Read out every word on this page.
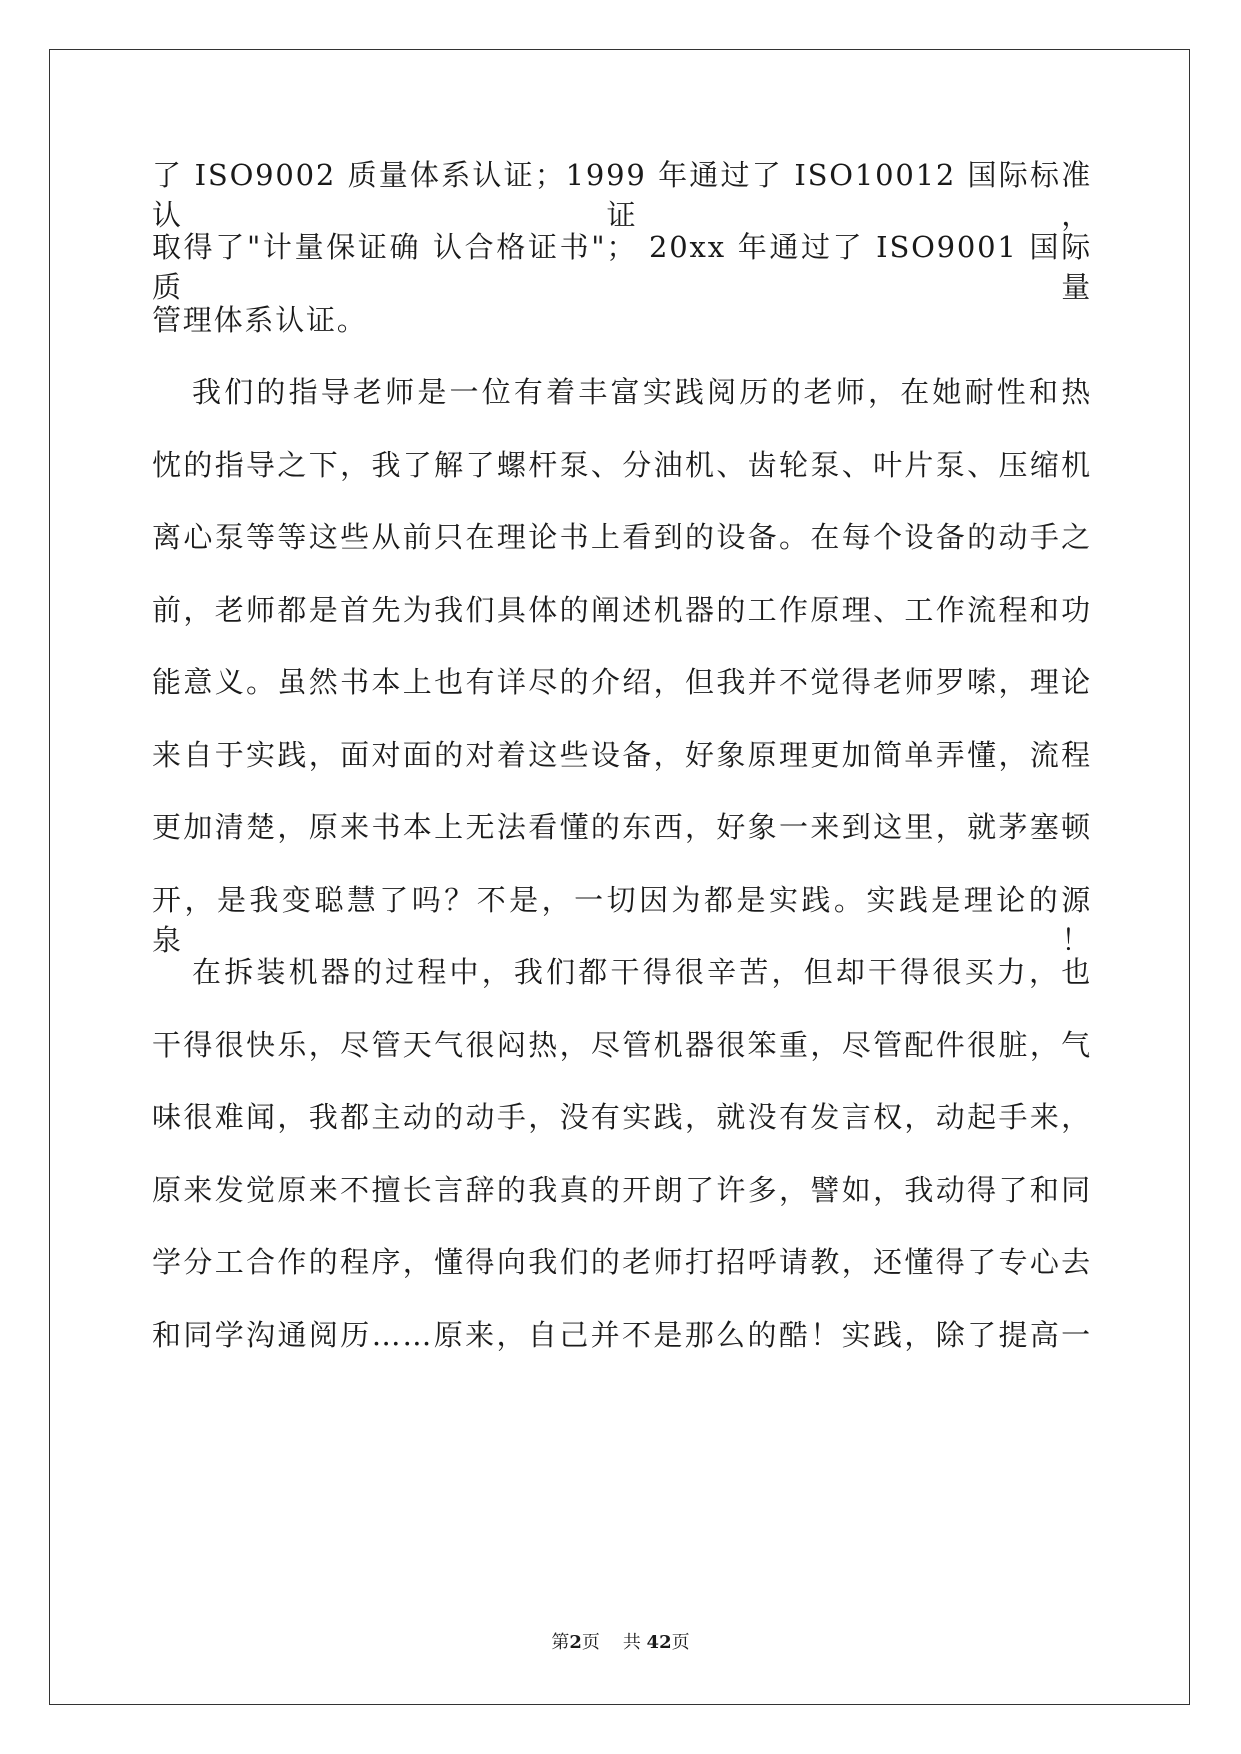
了 ISO9002 质量体系认证；1999 年通过了 ISO10012 国际标准认证，

取得了"计量保证确 认合格证书"； 20xx 年通过了 ISO9001 国际质量

管理体系认证。

我们的指导老师是一位有着丰富实践阅历的老师，在她耐性和热

忱的指导之下，我了解了螺杆泵、分油机、齿轮泵、叶片泵、压缩机

离心泵等等这些从前只在理论书上看到的设备。在每个设备的动手之

前，老师都是首先为我们具体的阐述机器的工作原理、工作流程和功

能意义。虽然书本上也有详尽的介绍，但我并不觉得老师罗嗦，理论

来自于实践，面对面的对着这些设备，好象原理更加简单弄懂，流程

更加清楚，原来书本上无法看懂的东西，好象一来到这里，就茅塞顿

开，是我变聪慧了吗？不是，一切因为都是实践。实践是理论的源泉！

在拆装机器的过程中，我们都干得很辛苦，但却干得很买力，也

干得很快乐，尽管天气很闷热，尽管机器很笨重，尽管配件很脏，气

味很难闻，我都主动的动手，没有实践，就没有发言权，动起手来，

原来发觉原来不擅长言辞的我真的开朗了许多，譬如，我动得了和同

学分工合作的程序，懂得向我们的老师打招呼请教，还懂得了专心去

和同学沟通阅历……原来，自己并不是那么的酷！实践，除了提高一

第2页 共 42页
